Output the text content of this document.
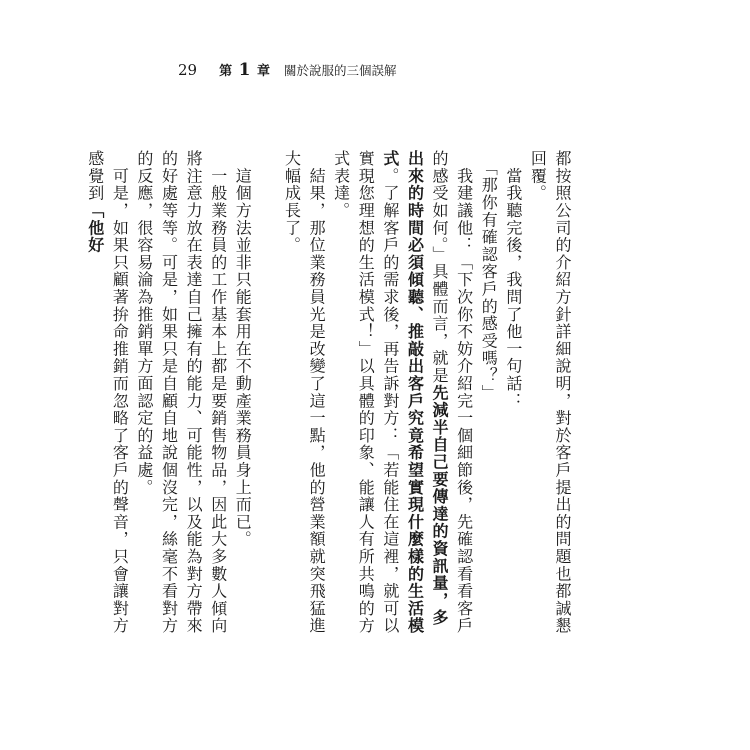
29 第 1 章 關於說服的三個誤解
都按照公司的介紹方針詳細說明，對於客戶提出的問題也都誠懇回覆。
　當我聽完後，我問了他一句話：
　「那你有確認客戶的感受嗎？」
　我建議他：「下次你不妨介紹完一個細節後，先確認看看客戶的感受如何。」具體而言，就是先減半自己要傳達的資訊量，多出來的時間必須傾聽、推敲出客戶究竟希望實現什麼樣的生活模式。了解客戶的需求後，再告訴對方：「若能住在這裡，就可以實現您理想的生活模式！」以具體的印象、能讓人有所共鳴的方式表達。
　結果，那位業務員光是改變了這一點，他的營業額就突飛猛進大幅成長了。

　這個方法並非只能套用在不動產業務員身上而已。
　一般業務員的工作基本上都是要銷售物品，因此大多數人傾向將注意力放在表達自己擁有的能力、可能性，以及能為對方帶來的好處等等。可是，如果只是自顧自地說個沒完，絲毫不看對方的反應，很容易淪為推銷單方面認定的益處。
　可是，如果只顧著拚命推銷而忽略了客戶的聲音，只會讓對方感覺到「他好
